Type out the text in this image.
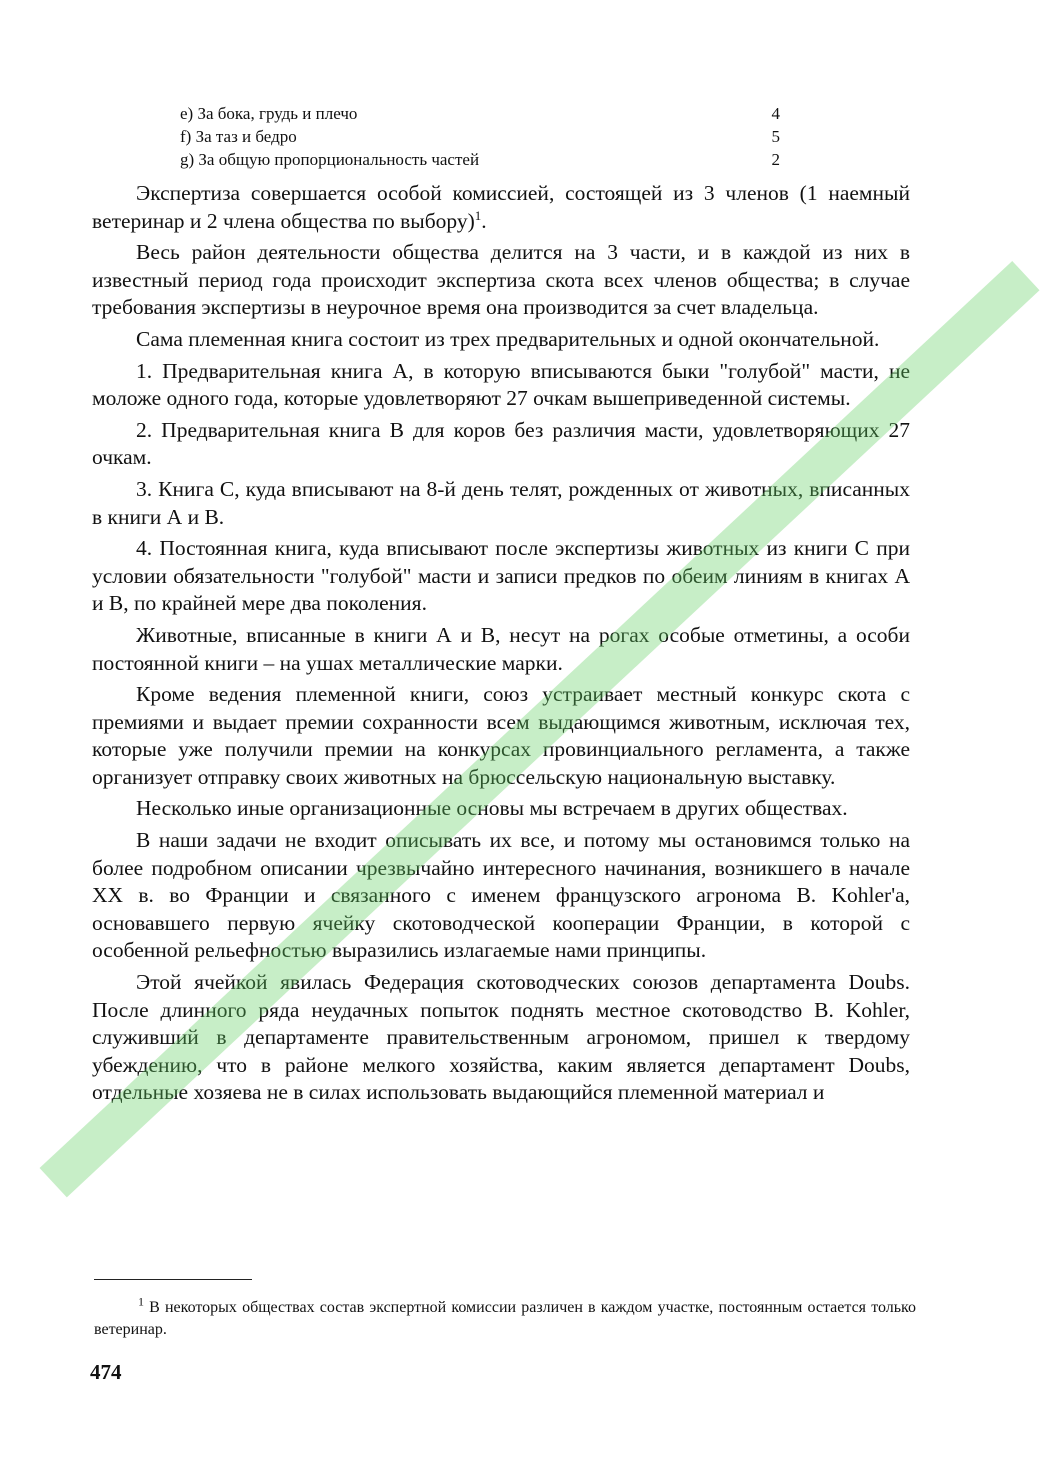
e) За бока, грудь и плечо	4
f) За таз и бедро	5
g) За общую пропорциональность частей	2

Экспертиза совершается особой комиссией, состоящей из 3 членов (1 наемный ветеринар и 2 члена общества по выбору)$^1$.

Весь район деятельности общества делится на 3 части, и в каждой из них в известный период года происходит экспертиза скота всех членов общества; в случае требования экспертизы в неурочное время она производится за счет владельца.

Сама племенная книга состоит из трех предварительных и одной окончательной.

1. Предварительная книга А, в которую вписываются быки "голубой" масти, не моложе одного года, которые удовлетворяют 27 очкам вышеприведенной системы.

2. Предварительная книга В для коров без различия масти, удовлетворяющих 27 очкам.

3. Книга С, куда вписывают на 8-й день телят, рожденных от животных, вписанных в книги А и В.

4. Постоянная книга, куда вписывают после экспертизы животных из книги С при условии обязательности "голубой" масти и записи предков по обеим линиям в книгах А и В, по крайней мере два поколения.

Животные, вписанные в книги А и В, несут на рогах особые отметины, а особи постоянной книги – на ушах металлические марки.

Кроме ведения племенной книги, союз устраивает местный конкурс скота с премиями и выдает премии сохранности всем выдающимся животным, исключая тех, которые уже получили премии на конкурсах провинциального регламента, а также организует отправку своих животных на брюссельскую национальную выставку.

Несколько иные организационные основы мы встречаем в других обществах.

В наши задачи не входит описывать их все, и потому мы остановимся только на более подробном описании чрезвычайно интересного начинания, возникшего в начале XX в. во Франции и связанного с именем французского агронома В. Kohler'a, основавшего первую ячейку скотоводческой кооперации Франции, в которой с особенной рельефностью выразились излагаемые нами принципы.

Этой ячейкой явилась Федерация скотоводческих союзов департамента Doubs. После длинного ряда неудачных попыток поднять местное скотоводство В. Kohler, служивший в департаменте правительственным агрономом, пришел к твердому убеждению, что в районе мелкого хозяйства, каким является департамент Doubs, отдельные хозяева не в силах использовать выдающийся племенной материал и

$^1$ В некоторых обществах состав экспертной комиссии различен в каждом участке, постоянным остается только ветеринар.
474
